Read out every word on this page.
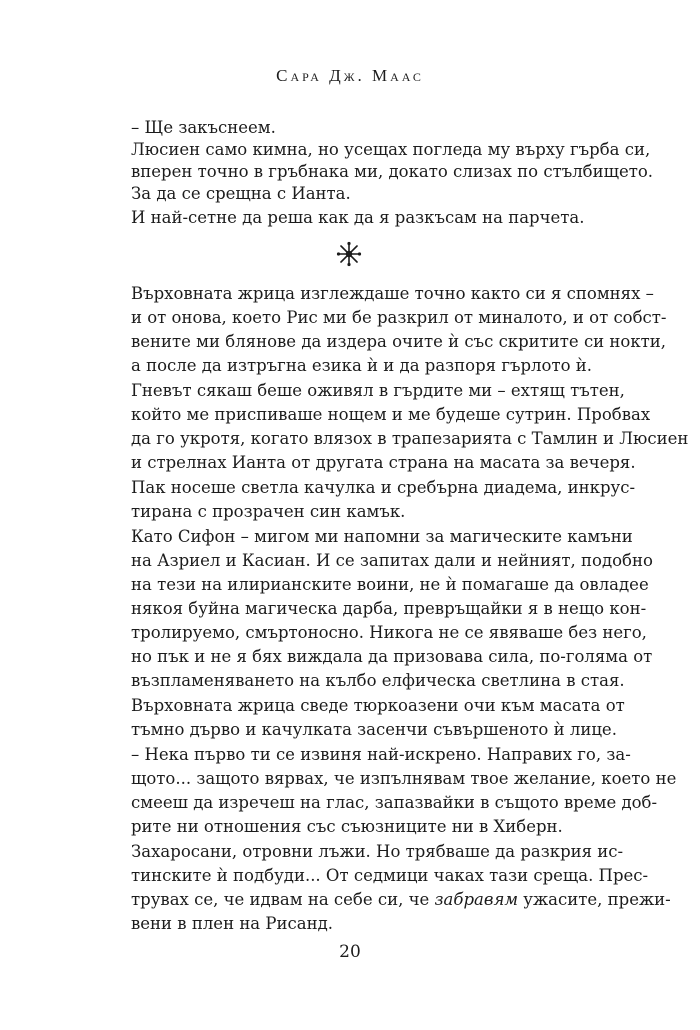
Сара Дж. Маас
– Ще закъснеем.
Люсиен само кимна, но усещах погледа му върху гърба си,
вперен точно в гръбнака ми, докато слизах по стълбището.
За да се срещна с Ианта.
И най-сетне да реша как да я разкъсам на парчета.
Върховната жрица изглеждаше точно както си я спомнях –
и от онова, което Рис ми бе разкрил от миналото, и от собст-
вените ми блянове да издера очите ѝ със скритите си нокти,
а после да изтръгна езика ѝ и да разпоря гърлото ѝ.
Гневът сякаш беше оживял в гърдите ми – ехтящ тътен,
който ме приспиваше нощем и ме будеше сутрин. Пробвах
да го укротя, когато влязох в трапезарията с Тамлин и Люсиен
и стрелнах Ианта от другата страна на масата за вечеря.
Пак носеше светла качулка и сребърна диадема, инкрус-
тирана с прозрачен син камък.
Като Сифон – мигом ми напомни за магическите камъни
на Азриел и Касиан. И се запитах дали и нейният, подобно
на тези на илирианските воини, не ѝ помагаше да овладее
някоя буйна магическа дарба, превръщайки я в нещо кон-
тролируемо, смъртоносно. Никога не се явяваше без него,
но пък и не я бях виждала да призовава сила, по-голяма от
възпламеняването на кълбо елфическа светлина в стая.
Върховната жрица сведе тюркоазени очи към масата от
тъмно дърво и качулката засенчи съвършеното ѝ лице.
– Нека първо ти се извиня най-искрено. Направих го, за-
щото... защото вярвах, че изпълнявам твое желание, което не
смееш да изречеш на глас, запазвайки в същото време доб-
рите ни отношения със съюзниците ни в Хиберн.
Захаросани, отровни лъжи. Но трябваше да разкрия ис-
тинските ѝ подбуди... От седмици чаках тази среща. Прес-
трувах се, че идвам на себе си, че забравям ужасите, прежи-
вени в плен на Рисанд.
20
